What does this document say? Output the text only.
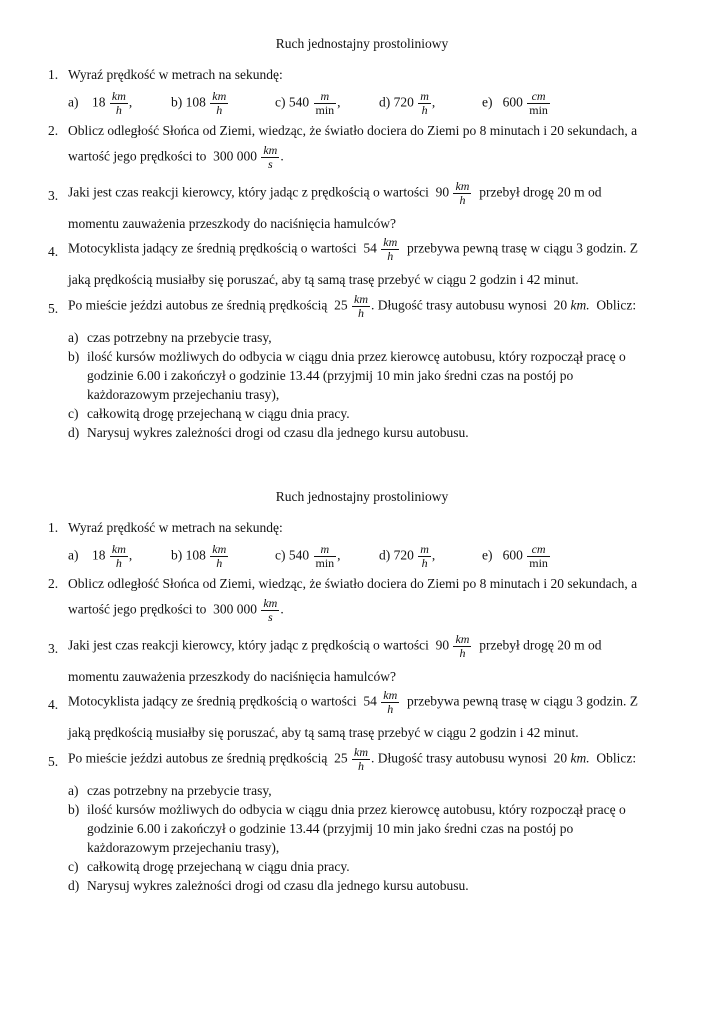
Ruch jednostajny prostoliniowy
1. Wyraź prędkość w metrach na sekundę:
a) $18 \frac{km}{h}$ ,	b) $108 \frac{km}{h}$	c) $540 \frac{m}{\min}$ ,	d) $720 \frac{m}{h}$ ,	e) $600 \frac{cm}{\min}$
2. Oblicz odległość Słońca od Ziemi, wiedząc, że światło dociera do Ziemi po 8 minutach i 20 sekundach, a
wartość jego prędkości to 300 $000 \frac{km}{s}$ .
3. Jaki jest czas reakcji kierowcy, który jadąc z prędkością o wartości $90 \frac{km}{h}$ przebył drogę 20 m od
momentu zauważenia przeszkody do naciśnięcia hamulców?
4. Motocyklista jadący ze średnią prędkością o wartości $54 \frac{km}{h}$ przebywa pewną trasę w ciągu 3 godzin. Z
jaką prędkością musiałby się poruszać, aby tą samą trasę przebyć w ciągu 2 godzin i 42 minut.
5. Po mieście jeździ autobus ze średnią prędkością $25 \frac{km}{h}$ . Długość trasy autobusu wynosi 20 km. Oblicz:
a) czas potrzebny na przebycie trasy,
b) ilość kursów możliwych do odbycia w ciągu dnia przez kierowcę autobusu, który rozpoczął pracę o
godzinie 6.00 i zakończył o godzinie 13.44 (przyjmij 10 min jako średni czas na postój po
każdorazowym przejechaniu trasy),
c) całkowitą drogę przejechaną w ciągu dnia pracy.
d) Narysuj wykres zależności drogi od czasu dla jednego kursu autobusu.
Ruch jednostajny prostoliniowy
1. Wyraź prędkość w metrach na sekundę:
a) $18 \frac{km}{h}$ ,	b) $108 \frac{km}{h}$	c) $540 \frac{m}{\min}$ ,	d) $720 \frac{m}{h}$ ,	e) $600 \frac{cm}{\min}$
2. Oblicz odległość Słońca od Ziemi, wiedząc, że światło dociera do Ziemi po 8 minutach i 20 sekundach, a
wartość jego prędkości to 300 $000 \frac{km}{s}$ .
3. Jaki jest czas reakcji kierowcy, który jadąc z prędkością o wartości $90 \frac{km}{h}$ przebył drogę 20 m od
momentu zauważenia przeszkody do naciśnięcia hamulców?
4. Motocyklista jadący ze średnią prędkością o wartości $54 \frac{km}{h}$ przebywa pewną trasę w ciągu 3 godzin. Z
jaką prędkością musiałby się poruszać, aby tą samą trasę przebyć w ciągu 2 godzin i 42 minut.
5. Po mieście jeździ autobus ze średnią prędkością $25 \frac{km}{h}$ . Długość trasy autobusu wynosi 20 km. Oblicz:
a) czas potrzebny na przebycie trasy,
b) ilość kursów możliwych do odbycia w ciągu dnia przez kierowcę autobusu, który rozpoczął pracę o
godzinie 6.00 i zakończył o godzinie 13.44 (przyjmij 10 min jako średni czas na postój po
każdorazowym przejechaniu trasy),
c) całkowitą drogę przejechaną w ciągu dnia pracy.
d) Narysuj wykres zależności drogi od czasu dla jednego kursu autobusu.
